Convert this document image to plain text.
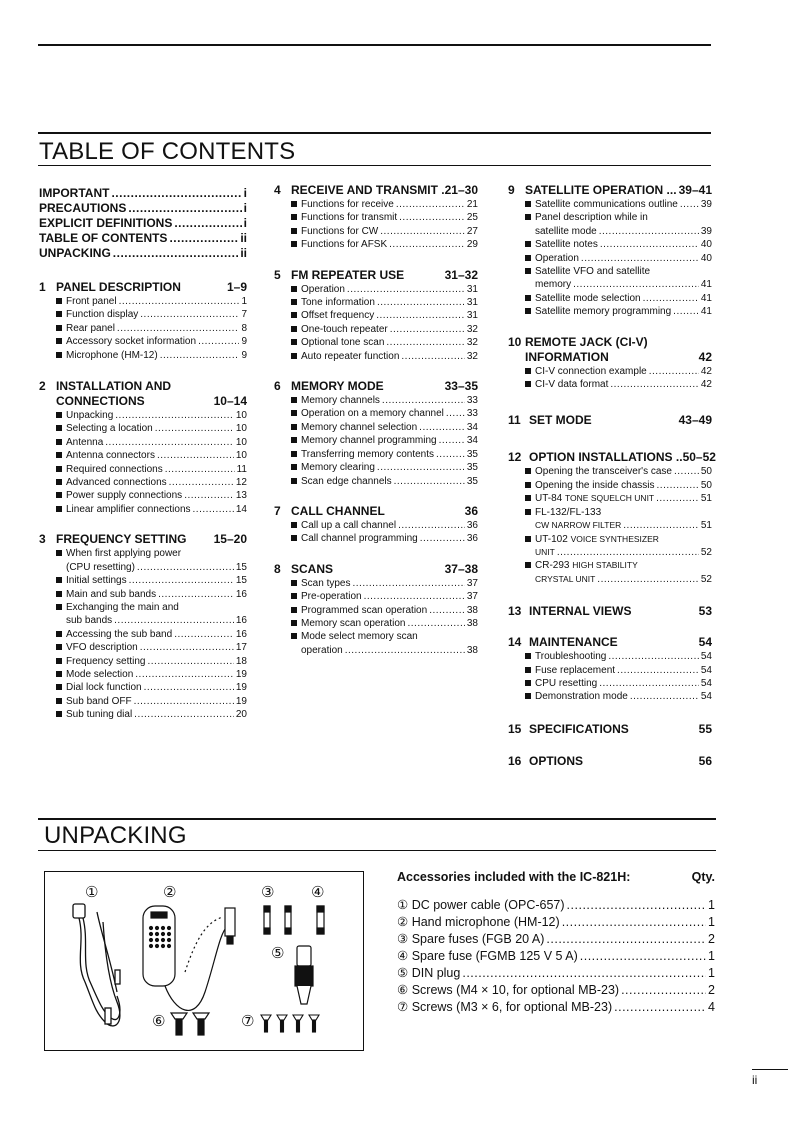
TABLE OF CONTENTS
IMPORTANT .....	i
PRECAUTIONS .....	i
EXPLICIT DEFINITIONS .....	i
TABLE OF CONTENTS .....	ii
UNPACKING .....	ii
1 PANEL DESCRIPTION	1–9
Front panel .....	1
Function display .....	7
Rear panel .....	8
Accessory socket information .....	9
Microphone (HM-12) .....	9
2 INSTALLATION AND
CONNECTIONS	10–14
Unpacking .....	10
Selecting a location .....	10
Antenna .....	10
Antenna connectors .....	10
Required connections .....	11
Advanced connections .....	12
Power supply connections .....	13
Linear amplifier connections .....	14
3 FREQUENCY SETTING 15–20
When first applying power
(CPU resetting) .....	15
Initial settings .....	15
Main and sub bands .....	16
Exchanging the main and
sub bands .....	16
Accessing the sub band .....	16
VFO description .....	17
Frequency setting .....	18
Mode selection .....	19
Dial lock function .....	19
Sub band OFF .....	19
Sub tuning dial .....	20
4 RECEIVE AND TRANSMIT . 21–30
Functions for receive .....	21
Functions for transmit .....	25
Functions for CW .....	27
Functions for AFSK .....	29
5 FM REPEATER USE	31–32
Operation .....	31
Tone information .....	31
Offset frequency .....	31
One-touch repeater .....	32
Optional tone scan .....	32
Auto repeater function .....	32
6 MEMORY MODE	33–35
Memory channels .....	33
Operation on a memory channel ..... 33
Memory channel selection .....	34
Memory channel programming .....	34
Transferring memory contents .....	35
Memory clearing .....	35
Scan edge channels .....	35
7 CALL CHANNEL	36
Call up a call channel .....	36
Call channel programming .....	36
8 SCANS	37–38
Scan types .....	37
Pre-operation .....	37
Programmed scan operation .....	38
Memory scan operation .....	38
Mode select memory scan
operation .....	38
9 SATELLITE OPERATION ... 39–41
Satellite communications outline ..... 39
Panel description while in
satellite mode .....	39
Satellite notes .....	40
Operation .....	40
Satellite VFO and satellite
memory .....	41
Satellite mode selection .....	41
Satellite memory programming .....	41
10 REMOTE JACK (CI-V)
INFORMATION	42
CI-V connection example .....	42
CI-V data format .....	42
11 SET MODE	43–49
12 OPTION INSTALLATIONS .. 50–52
Opening the transceiver's case .....	50
Opening the inside chassis .....	50
UT-84
TONE SQUELCH UNIT .....	51
FL-132/FL-133
CW NARROW FILTER .....	51
UT-102
VOICE SYNTHESIZER
UNIT .....	52
CR-293
HIGH STABILITY
CRYSTAL UNIT .....	52
13 INTERNAL VIEWS	53
14 MAINTENANCE	54
Troubleshooting .....	54
Fuse replacement .....	54
CPU resetting .....	54
Demonstration mode .....	54
15 SPECIFICATIONS	55
16 OPTIONS	56
UNPACKING
①	②	③ ④
⑤
⑥	⑦
Accessories included with the IC-821H:	Qty.
①
DC power cable (OPC-657) .....	1
②
Hand microphone (HM-12) .....	1
③
Spare fuses (FGB 20 A) .....	2
④
Spare fuse (FGMB 125 V 5 A) .....	1
⑤
DIN plug .....	1
⑥
Screws (M4 × 10, for optional MB-23) .....	2
⑦
Screws (M3 × 6, for optional MB-23) .....	4
ii
